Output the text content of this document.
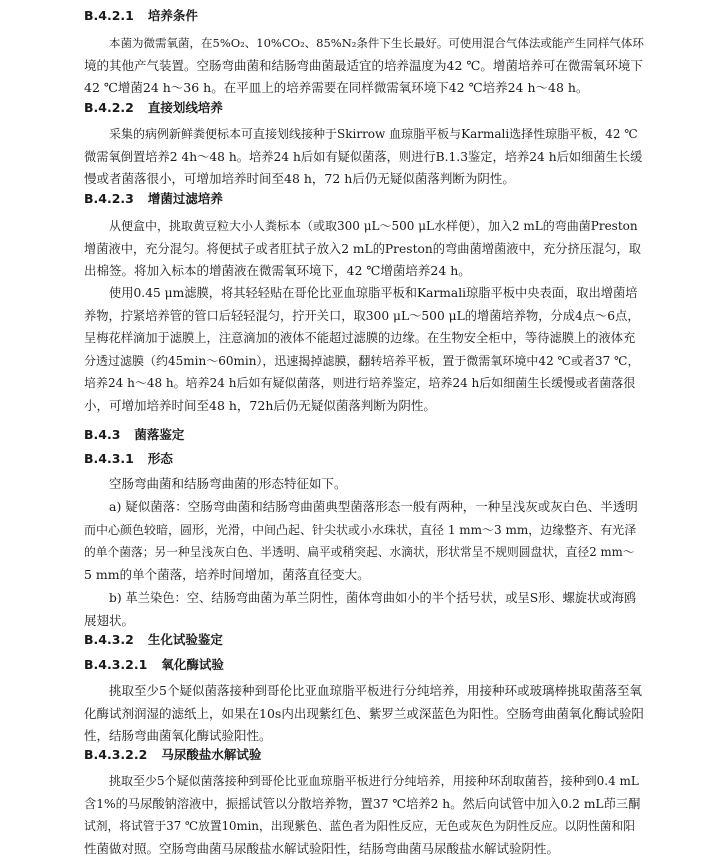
B.4.2.1 培养条件
本菌为微需氧菌，在5%O₂、10%CO₂、85%N₂条件下生长最好。可使用混合气体法或能产生同样气体环
境的其他产气装置。空肠弯曲菌和结肠弯曲菌最适宜的培养温度为42 ℃。增菌培养可在微需氧环境下
42 ℃增菌24 h～36 h。在平皿上的培养需要在同样微需氧环境下42 ℃培养24 h～48 h。
B.4.2.2 直接划线培养
采集的病例新鲜粪便标本可直接划线接种于Skirrow 血琼脂平板与Karmali选择性琼脂平板，42 ℃
微需氧倒置培养2 4h～48 h。培养24 h后如有疑似菌落，则进行B.1.3鉴定，培养24 h后如细菌生长缓
慢或者菌落很小，可增加培养时间至48 h，72 h后仍无疑似菌落判断为阴性。
B.4.2.3 增菌过滤培养
从便盒中，挑取黄豆粒大小人粪标本（或取300 μL～500 μL水样便），加入2 mL的弯曲菌Preston
增菌液中，充分混匀。将便拭子或者肛拭子放入2 mL的Preston的弯曲菌增菌液中，充分挤压混匀，取
出棉签。将加入标本的增菌液在微需氧环境下，42 ℃增菌培养24 h。
使用0.45 μm滤膜，将其轻轻贴在哥伦比亚血琼脂平板和Karmali琼脂平板中央表面，取出增菌培
养物，拧紧培养管的管口后轻轻混匀，拧开关口，取300 μL～500 μL的增菌培养物，分成4点～6点，
呈梅花样滴加于滤膜上，注意滴加的液体不能超过滤膜的边缘。在生物安全柜中，等待滤膜上的液体充
分透过滤膜（约45min～60min），迅速揭掉滤膜，翻转培养平板，置于微需氧环境中42 ℃或者37 ℃，
培养24 h～48 h。培养24 h后如有疑似菌落，则进行培养鉴定，培养24 h后如细菌生长缓慢或者菌落很
小，可增加培养时间至48 h，72h后仍无疑似菌落判断为阴性。
B.4.3 菌落鉴定
B.4.3.1 形态
空肠弯曲菌和结肠弯曲菌的形态特征如下。
a) 疑似菌落：空肠弯曲菌和结肠弯曲菌典型菌落形态一般有两种，一种呈浅灰或灰白色、半透明
而中心颜色较暗，圆形，光滑，中间凸起、针尖状或小水珠状，直径 1 mm～3 mm，边缘整齐、有光泽
的单个菌落；另一种呈浅灰白色、半透明、扁平或稍突起、水滴状，形状常呈不规则圆盘状，直径2 mm～
5 mm的单个菌落，培养时间增加，菌落直径变大。
b) 革兰染色：空、结肠弯曲菌为革兰阴性，菌体弯曲如小的半个括号状，或呈S形、螺旋状或海鸥
展翅状。
B.4.3.2 生化试验鉴定
B.4.3.2.1 氧化酶试验
挑取至少5个疑似菌落接种到哥伦比亚血琼脂平板进行分纯培养，用接种环或玻璃棒挑取菌落至氧
化酶试剂润湿的滤纸上，如果在10s内出现紫红色、紫罗兰或深蓝色为阳性。空肠弯曲菌氧化酶试验阳
性，结肠弯曲菌氧化酶试验阳性。
B.4.3.2.2 马尿酸盐水解试验
挑取至少5个疑似菌落接种到哥伦比亚血琼脂平板进行分纯培养，用接种环刮取菌苔，接种到0.4 mL
含1%的马尿酸钠溶液中，振摇试管以分散培养物，置37 ℃培养2 h。然后向试管中加入0.2 mL茚三酮
试剂，将试管于37 ℃放置10min，出现紫色、蓝色者为阳性反应，无色或灰色为阴性反应。以阴性菌和阳
性菌做对照。空肠弯曲菌马尿酸盐水解试验阳性，结肠弯曲菌马尿酸盐水解试验阴性。
